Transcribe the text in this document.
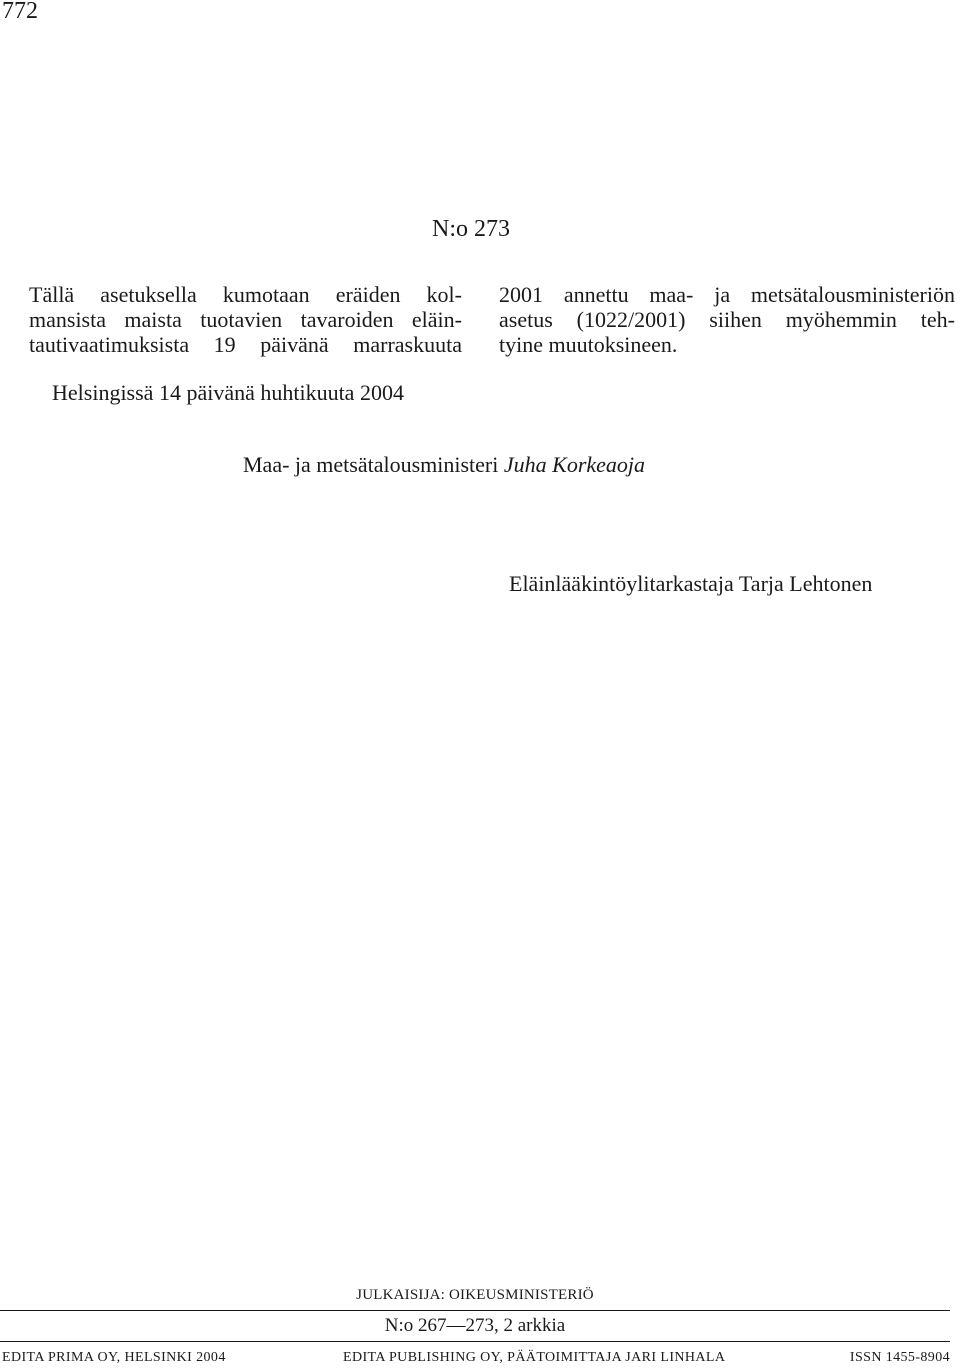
772
N:o 273
Tällä asetuksella kumotaan eräiden kol-
mansista maista tuotavien tavaroiden eläin-
tautivaatimuksista 19 päivänä marraskuuta
2001 annettu maa- ja metsätalousministeriön
asetus (1022/2001) siihen myöhemmin teh-
tyine muutoksineen.
Helsingissä 14 päivänä huhtikuuta 2004
Maa- ja metsätalousministeri Juha Korkeaoja
Eläinlääkintöylitarkastaja Tarja Lehtonen
JULKAISIJA: OIKEUSMINISTERIÖ
N:o 267—273, 2 arkkia
EDITA PRIMA OY, HELSINKI 2004	EDITA PUBLISHING OY, PÄÄTOIMITTAJA JARI LINHALA	ISSN 1455-8904
